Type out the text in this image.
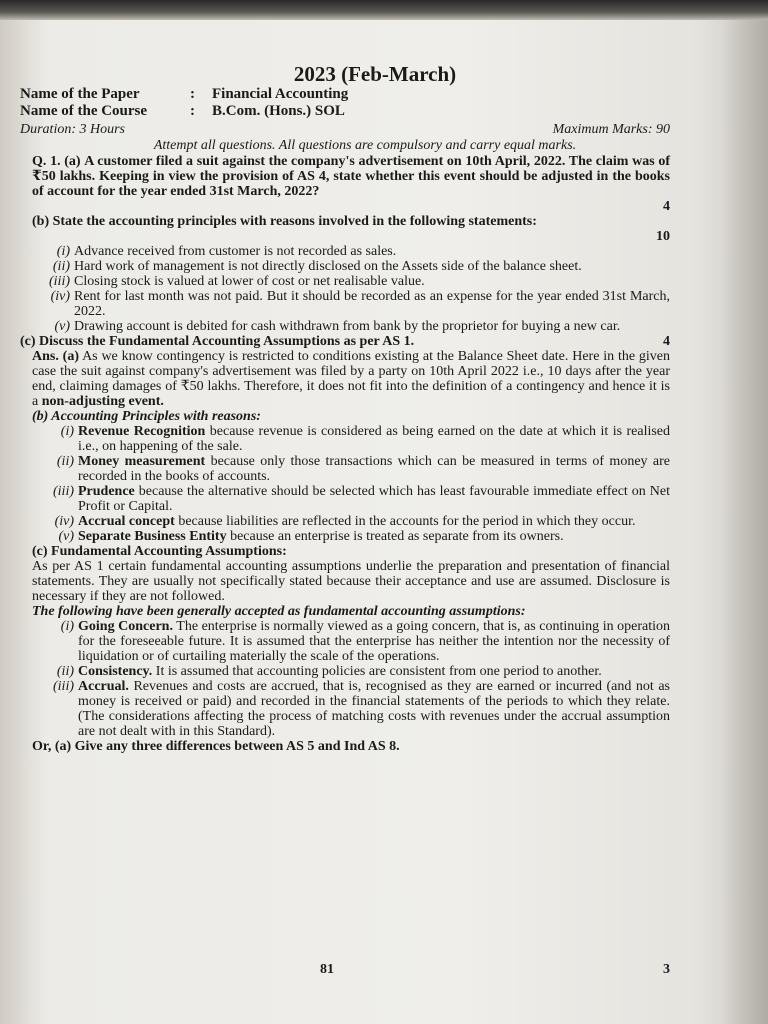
2023 (Feb-March)
Name of the Paper	:	Financial Accounting
Name of the Course	:	B.Com. (Hons.) SOL
Duration: 3 Hours	Maximum Marks: 90
Attempt all questions. All questions are compulsory and carry equal marks.

Q. 1. (a) A customer filed a suit against the company's advertisement on 10th April, 2022. The claim was of ₹50 lakhs. Keeping in view the provision of AS 4, state whether this event should be adjusted in the books of account for the year ended 31st March, 2022?

4

(b) State the accounting principles with reasons involved in the following statements:

10
(i) Advance received from customer is not recorded as sales.
(ii) Hard work of management is not directly disclosed on the Assets side of the balance sheet.
(iii) Closing stock is valued at lower of cost or net realisable value.
(iv) Rent for last month was not paid. But it should be recorded as an expense for the year ended 31st March, 2022.
(v) Drawing account is debited for cash withdrawn from bank by the proprietor for buying a new car.
(c) Discuss the Fundamental Accounting Assumptions as per AS 1.	4

Ans. (a) As we know contingency is restricted to conditions existing at the Balance Sheet date. Here in the given case the suit against company's advertisement was filed by a party on 10th April 2022 i.e., 10 days after the year end, claiming damages of ₹50 lakhs. Therefore, it does not fit into the definition of a contingency and hence it is a non-adjusting event.

(b) Accounting Principles with reasons:

(i) Revenue Recognition because revenue is considered as being earned on the date at which it is realised i.e., on happening of the sale.
(ii) Money measurement because only those transactions which can be measured in terms of money are recorded in the books of accounts.
(iii) Prudence because the alternative should be selected which has least favourable immediate effect on Net Profit or Capital.
(iv) Accrual concept because liabilities are reflected in the accounts for the period in which they occur.
(v) Separate Business Entity because an enterprise is treated as separate from its owners.

(c) Fundamental Accounting Assumptions:

As per AS 1 certain fundamental accounting assumptions underlie the preparation and presentation of financial statements. They are usually not specifically stated because their acceptance and use are assumed. Disclosure is necessary if they are not followed.

The following have been generally accepted as fundamental accounting assumptions:

(i) Going Concern. The enterprise is normally viewed as a going concern, that is, as continuing in operation for the foreseeable future. It is assumed that the enterprise has neither the intention nor the necessity of liquidation or of curtailing materially the scale of the operations.
(ii) Consistency. It is assumed that accounting policies are consistent from one period to another.
(iii) Accrual. Revenues and costs are accrued, that is, recognised as they are earned or incurred (and not as money is received or paid) and recorded in the financial statements of the periods to which they relate. (The considerations affecting the process of matching costs with revenues under the accrual assumption are not dealt with in this Standard).

Or, (a) Give any three differences between AS 5 and Ind AS 8.

81	3
